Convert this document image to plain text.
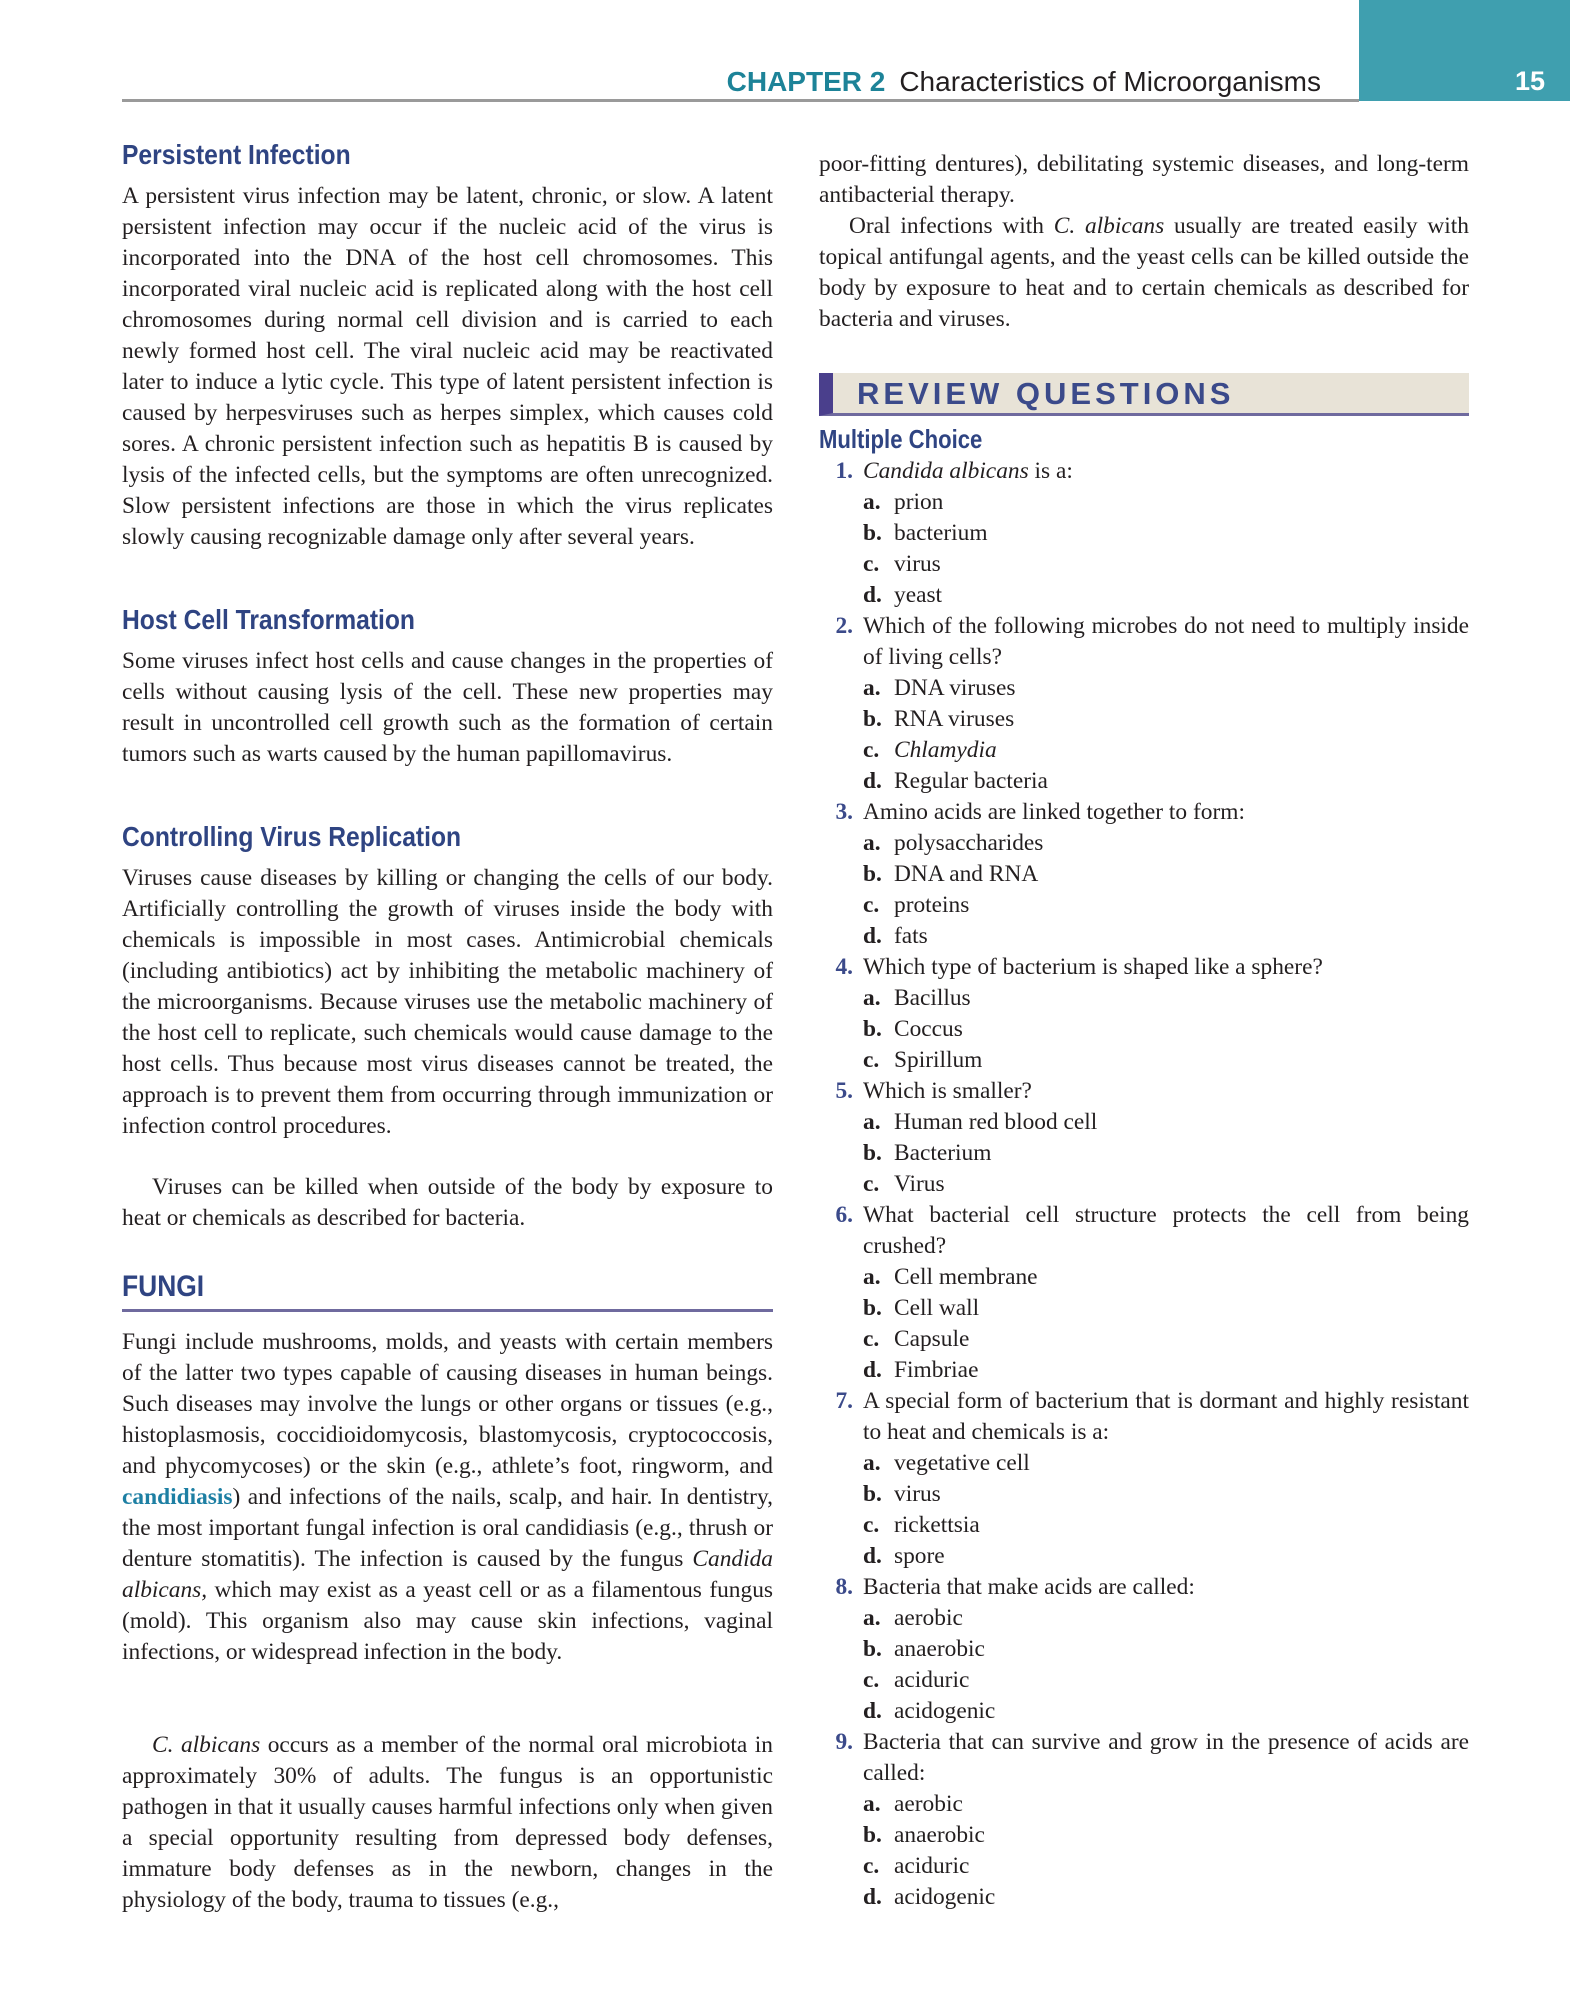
15
CHAPTER 2 Characteristics of Microorganisms
Persistent Infection

A persistent virus infection may be latent, chronic, or slow. A latent persistent infection may occur if the nucleic acid of the virus is incorporated into the DNA of the host cell chromosomes. This incorporated viral nucleic acid is replicated along with the host cell chromosomes during normal cell division and is carried to each newly formed host cell. The viral nucleic acid may be reactivated later to induce a lytic cycle. This type of latent persistent infection is caused by herpesviruses such as herpes simplex, which causes cold sores. A chronic persistent infection such as hepatitis B is caused by lysis of the infected cells, but the symptoms are often unrecognized. Slow persistent infections are those in which the virus replicates slowly causing recognizable damage only after several years.

Host Cell Transformation

Some viruses infect host cells and cause changes in the properties of cells without causing lysis of the cell. These new properties may result in uncontrolled cell growth such as the formation of certain tumors such as warts caused by the human papillomavirus.

Controlling Virus Replication

Viruses cause diseases by killing or changing the cells of our body. Artificially controlling the growth of viruses inside the body with chemicals is impossible in most cases. Antimicrobial chemicals (including antibiotics) act by inhibiting the metabolic machinery of the microorganisms. Because viruses use the metabolic machinery of the host cell to replicate, such chemicals would cause damage to the host cells. Thus because most virus diseases cannot be treated, the approach is to prevent them from occurring through immunization or infection control procedures.

Viruses can be killed when outside of the body by exposure to heat or chemicals as described for bacteria.

FUNGI

Fungi include mushrooms, molds, and yeasts with certain members of the latter two types capable of causing diseases in human beings. Such diseases may involve the lungs or other organs or tissues (e.g., histoplasmosis, coccidioidomycosis, blastomycosis, cryptococcosis, and phycomycoses) or the skin (e.g., athlete’s foot, ringworm, and candidiasis) and infections of the nails, scalp, and hair. In dentistry, the most important fungal infection is oral candidiasis (e.g., thrush or denture stomatitis). The infection is caused by the fungus Candida albicans, which may exist as a yeast cell or as a filamentous fungus (mold). This organism also may cause skin infections, vaginal infections, or widespread infection in the body.

C. albicans occurs as a member of the normal oral microbiota in approximately 30% of adults. The fungus is an opportunistic pathogen in that it usually causes harmful infections only when given a special opportunity resulting from depressed body defenses, immature body defenses as in the newborn, changes in the physiology of the body, trauma to tissues (e.g.,

poor-fitting dentures), debilitating systemic diseases, and long-term antibacterial therapy.

Oral infections with C. albicans usually are treated easily with topical antifungal agents, and the yeast cells can be killed outside the body by exposure to heat and to certain chemicals as described for bacteria and viruses.

REVIEW QUESTIONS
Multiple Choice
1. Candida albicans is a:
a. prion
b. bacterium
c. virus
d. yeast
2. Which of the following microbes do not need to multiply inside of living cells?
a. DNA viruses
b. RNA viruses
c. Chlamydia
d. Regular bacteria
3. Amino acids are linked together to form:
a. polysaccharides
b. DNA and RNA
c. proteins
d. fats
4. Which type of bacterium is shaped like a sphere?
a. Bacillus
b. Coccus
c. Spirillum
5. Which is smaller?
a. Human red blood cell
b. Bacterium
c. Virus
6. What bacterial cell structure protects the cell from being crushed?
a. Cell membrane
b. Cell wall
c. Capsule
d. Fimbriae
7. A special form of bacterium that is dormant and highly resistant to heat and chemicals is a:
a. vegetative cell
b. virus
c. rickettsia
d. spore
8. Bacteria that make acids are called:
a. aerobic
b. anaerobic
c. aciduric
d. acidogenic
9. Bacteria that can survive and grow in the presence of acids are called:
a. aerobic
b. anaerobic
c. aciduric
d. acidogenic
